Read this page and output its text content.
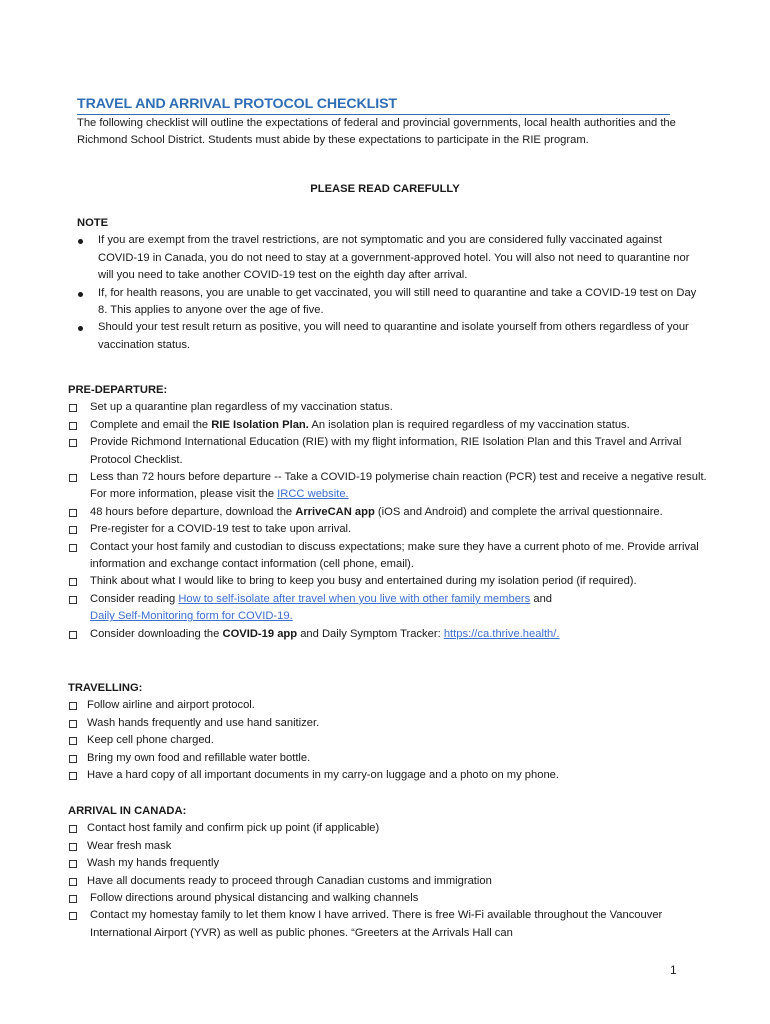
TRAVEL AND ARRIVAL PROTOCOL CHECKLIST
The following checklist will outline the expectations of federal and provincial governments, local health authorities and the Richmond School District. Students must abide by these expectations to participate in the RIE program.
PLEASE READ CAREFULLY
NOTE
If you are exempt from the travel restrictions, are not symptomatic and you are considered fully vaccinated against COVID-19 in Canada, you do not need to stay at a government-approved hotel. You will also not need to quarantine nor will you need to take another COVID-19 test on the eighth day after arrival.
If, for health reasons, you are unable to get vaccinated, you will still need to quarantine and take a COVID-19 test on Day 8. This applies to anyone over the age of five.
Should your test result return as positive, you will need to quarantine and isolate yourself from others regardless of your vaccination status.
PRE-DEPARTURE:
Set up a quarantine plan regardless of my vaccination status.
Complete and email the RIE Isolation Plan. An isolation plan is required regardless of my vaccination status.
Provide Richmond International Education (RIE) with my flight information, RIE Isolation Plan and this Travel and Arrival Protocol Checklist.
Less than 72 hours before departure -- Take a COVID-19 polymerise chain reaction (PCR) test and receive a negative result. For more information, please visit the IRCC website.
48 hours before departure, download the ArriveCAN app (iOS and Android) and complete the arrival questionnaire.
Pre-register for a COVID-19 test to take upon arrival.
Contact your host family and custodian to discuss expectations; make sure they have a current photo of me. Provide arrival information and exchange contact information (cell phone, email).
Think about what I would like to bring to keep you busy and entertained during my isolation period (if required).
Consider reading How to self-isolate after travel when you live with other family members and
Daily Self-Monitoring form for COVID-19.
Consider downloading the COVID-19 app and Daily Symptom Tracker: https://ca.thrive.health/.
TRAVELLING:
Follow airline and airport protocol.
Wash hands frequently and use hand sanitizer.
Keep cell phone charged.
Bring my own food and refillable water bottle.
Have a hard copy of all important documents in my carry-on luggage and a photo on my phone.
ARRIVAL IN CANADA:
Contact host family and confirm pick up point (if applicable)
Wear fresh mask
Wash my hands frequently
Have all documents ready to proceed through Canadian customs and immigration
Follow directions around physical distancing and walking channels
Contact my homestay family to let them know I have arrived. There is free Wi-Fi available throughout the Vancouver International Airport (YVR) as well as public phones. “Greeters at the Arrivals Hall can
1
